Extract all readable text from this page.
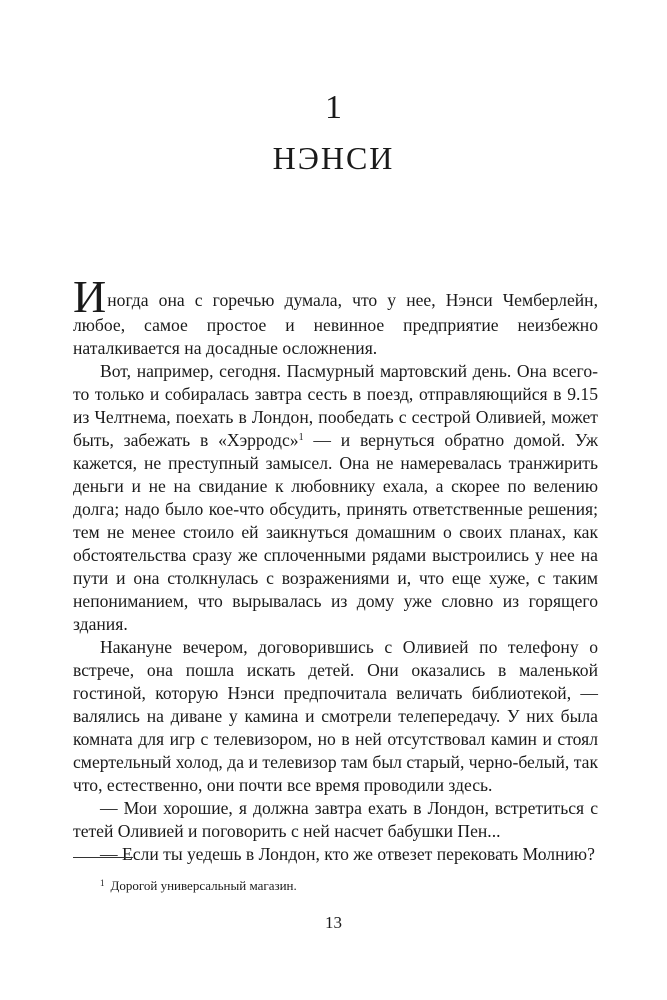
1
НЭНСИ

Иногда она с горечью думала, что у нее, Нэнси Чемберлейн, любое, самое простое и невинное предприятие неизбежно наталкивается на досадные осложнения.

Вот, например, сегодня. Пасмурный мартовский день. Она всего-то только и собиралась завтра сесть в поезд, отправляющийся в 9.15 из Челтнема, поехать в Лондон, пообедать с сестрой Оливией, может быть, забежать в «Хэрродс»$^1$ — и вернуться обратно домой. Уж кажется, не преступный замысел. Она не намеревалась транжирить деньги и не на свидание к любовнику ехала, а скорее по велению долга; надо было кое-что обсудить, принять ответственные решения; тем не менее стоило ей заикнуться домашним о своих планах, как обстоятельства сразу же сплоченными рядами выстроились у нее на пути и она столкнулась с возражениями и, что еще хуже, с таким непониманием, что вырывалась из дому уже словно из горящего здания.

Накануне вечером, договорившись с Оливией по телефону о встрече, она пошла искать детей. Они оказались в маленькой гостиной, которую Нэнси предпочитала величать библиотекой, — валялись на диване у камина и смотрели телепередачу. У них была комната для игр с телевизором, но в ней отсутствовал камин и стоял смертельный холод, да и телевизор там был старый, черно-белый, так что, естественно, они почти все время проводили здесь.

— Мои хорошие, я должна завтра ехать в Лондон, встретиться с тетей Оливией и поговорить с ней насчет бабушки Пен...

— Если ты уедешь в Лондон, кто же отвезет перековать Молнию?

$^1$ Дорогой универсальный магазин.
13
